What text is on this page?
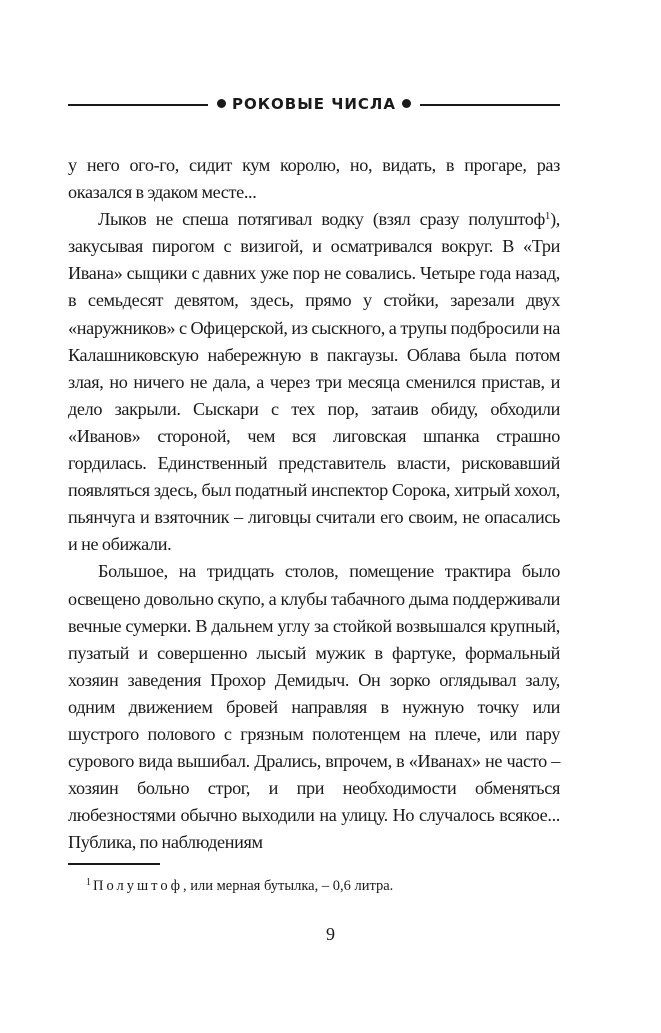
РОКОВЫЕ ЧИСЛА

у него ого-го, сидит кум королю, но, видать, в прогаре, раз оказался в эдаком месте...

Лыков не спеша потягивал водку (взял сразу полуштоф$^1$), закусывая пирогом с визигой, и осматривался вокруг. В «Три Ивана» сыщики с давних уже пор не совались. Четыре года назад, в семьдесят девятом, здесь, прямо у стойки, зарезали двух «наружников» с Офицерской, из сыскного, а трупы подбросили на Калашниковскую набережную в пакгаузы. Облава была потом злая, но ничего не дала, а через три месяца сменился пристав, и дело закрыли. Сыскари с тех пор, затаив обиду, обходили «Иванов» стороной, чем вся лиговская шпанка страшно гордилась. Единственный представитель власти, рисковавший появляться здесь, был податный инспектор Сорока, хитрый хохол, пьянчуга и взяточник – лиговцы считали его своим, не опасались и не обижали.

Большое, на тридцать столов, помещение трактира было освещено довольно скупо, а клубы табачного дыма поддерживали вечные сумерки. В дальнем углу за стойкой возвышался крупный, пузатый и совершенно лысый мужик в фартуке, формальный хозяин заведения Прохор Демидыч. Он зорко оглядывал залу, одним движением бровей направляя в нужную точку или шустрого полового с грязным полотенцем на плече, или пару сурового вида вышибал. Дрались, впрочем, в «Иванах» не часто – хозяин больно строг, и при необходимости обменяться любезностями обычно выходили на улицу. Но случалось всякое... Публика, по наблюдениям

$^1$ Полуштоф, или мерная бутылка, – 0,6 литра.
9
